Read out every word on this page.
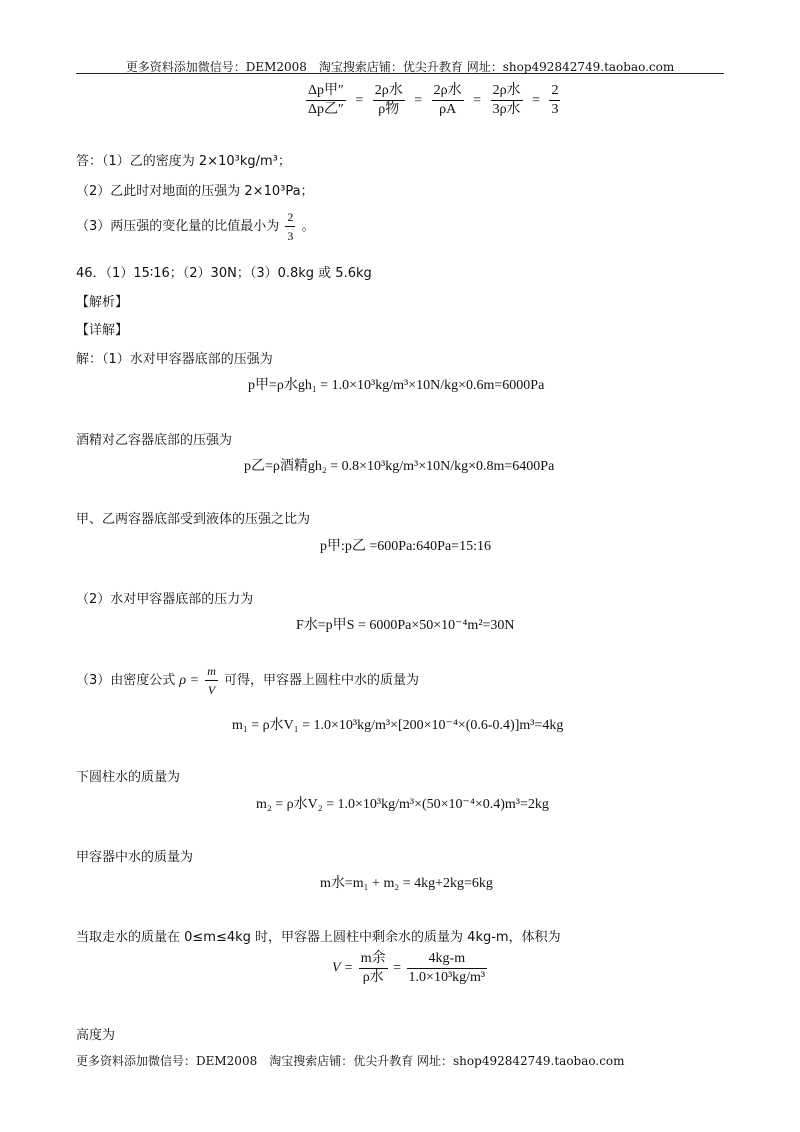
更多资料添加微信号：DEM2008　淘宝搜索店铺：优尖升教育 网址：shop492842749.taobao.com
$\frac{\text{Δp甲″}}{\text{Δp乙″}} = \frac{\text{2ρ水}}{\text{ρ物}} = \frac{\text{2ρ水}}{\rho A} = \frac{\text{2ρ水}}{\text{3ρ水}} = \frac{2}{3}$
答：（1）乙的密度为 2×10³kg/m³；
（2）乙此时对地面的压强为 2×10³Pa；
（3）两压强的变化量的比值最小为 $\frac{2}{3}$ 。
46．（1）15∶16；（2）30N；（3）0.8kg 或 5.6kg
【解析】
【详解】
解：（1）水对甲容器底部的压强为
p甲=ρ水gh₁ = 1.0×10³kg/m³×10N/kg×0.6m=6000Pa
酒精对乙容器底部的压强为
p乙=ρ酒精gh₂ = 0.8×10³kg/m³×10N/kg×0.8m=6400Pa
甲、乙两容器底部受到液体的压强之比为
p甲:p乙 =600Pa:640Pa=15:16
（2）水对甲容器底部的压力为
F水=p甲S = 6000Pa×50×10⁻⁴m²=30N
（3）由密度公式 $\rho = \frac{m}{V}$ 可得，甲容器上圆柱中水的质量为
m₁ = ρ水V₁ = 1.0×10³kg/m³×[200×10⁻⁴×(0.6-0.4)]m³=4kg
下圆柱水的质量为
m₂ = ρ水V₂ = 1.0×10³kg/m³×(50×10⁻⁴×0.4)m³=2kg
甲容器中水的质量为
m水=m₁ + m₂ = 4kg+2kg=6kg
当取走水的质量在 0≤m≤4kg 时，甲容器上圆柱中剩余水的质量为 4kg-m，体积为
$V = \frac{\text{m余}}{\text{ρ水}} = \frac{4kg-m}{\text{1.0×10³kg/m³}}$
高度为
更多资料添加微信号：DEM2008　淘宝搜索店铺：优尖升教育 网址：shop492842749.taobao.com
